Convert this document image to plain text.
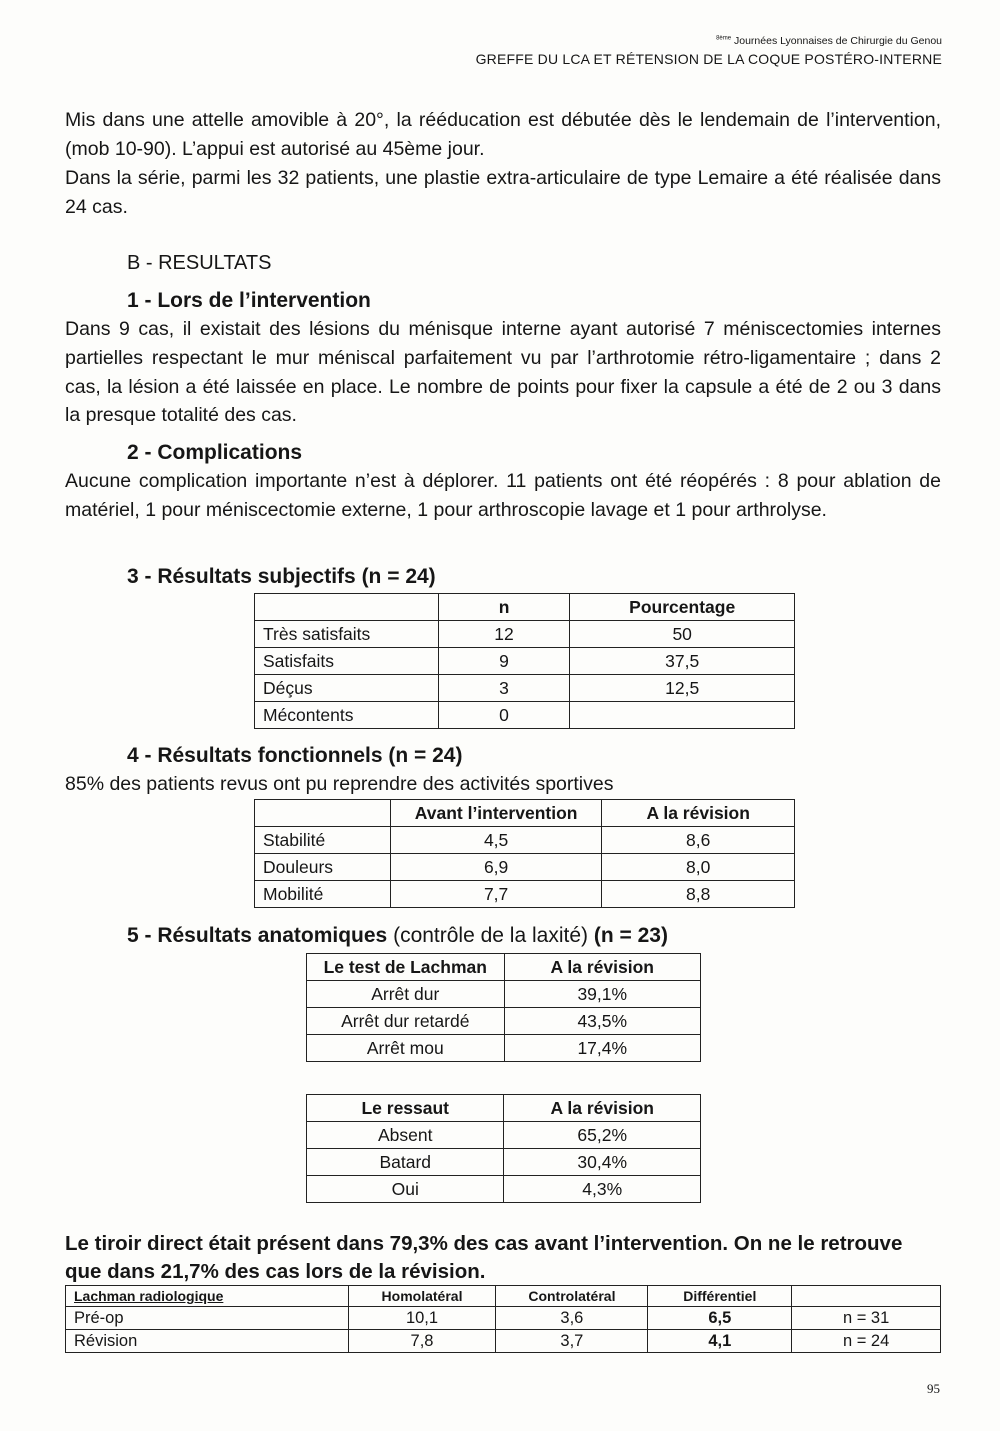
$^{8ème}$ Journées Lyonnaises de Chirurgie du Genou
GREFFE DU LCA ET RÉTENSION DE LA COQUE POSTÉRO-INTERNE

Mis dans une attelle amovible à 20°, la rééducation est débutée dès le lendemain de l’intervention, (mob 10-90). L’appui est autorisé au 45ème jour.

Dans la série, parmi les 32 patients, une plastie extra-articulaire de type Lemaire a été réalisée dans 24 cas.

B - RESULTATS
1 - Lors de l’intervention

Dans 9 cas, il existait des lésions du ménisque interne ayant autorisé 7 méniscectomies internes partielles respectant le mur méniscal parfaitement vu par l’arthrotomie rétro-ligamentaire ; dans 2 cas, la lésion a été laissée en place. Le nombre de points pour fixer la capsule a été de 2 ou 3 dans la presque totalité des cas.

2 - Complications

Aucune complication importante n’est à déplorer. 11 patients ont été réopérés : 8 pour ablation de matériel, 1 pour méniscectomie externe, 1 pour arthroscopie lavage et 1 pour arthrolyse.

3 - Résultats subjectifs (n = 24)
	n	Pourcentage
Très satisfaits	12	50
Satisfaits	9	37,5
Déçus	3	12,5
Mécontents	0	
4 - Résultats fonctionnels (n = 24)
85% des patients revus ont pu reprendre des activités sportives
	Avant l’intervention	A la révision
Stabilité	4,5	8,6
Douleurs	6,9	8,0
Mobilité	7,7	8,8
5 - Résultats anatomiques (contrôle de la laxité) (n = 23)
Le test de Lachman	A la révision
Arrêt dur	39,1%
Arrêt dur retardé	43,5%
Arrêt mou	17,4%
Le ressaut	A la révision
Absent	65,2%
Batard	30,4%
Oui	4,3%

Le tiroir direct était présent dans 79,3% des cas avant l’intervention. On ne le retrouve que dans 21,7% des cas lors de la révision.

Lachman radiologique	Homolatéral	Controlatéral	Différentiel	
Pré-op	10,1	3,6	6,5	n = 31
Révision	7,8	3,7	4,1	n = 24
95
